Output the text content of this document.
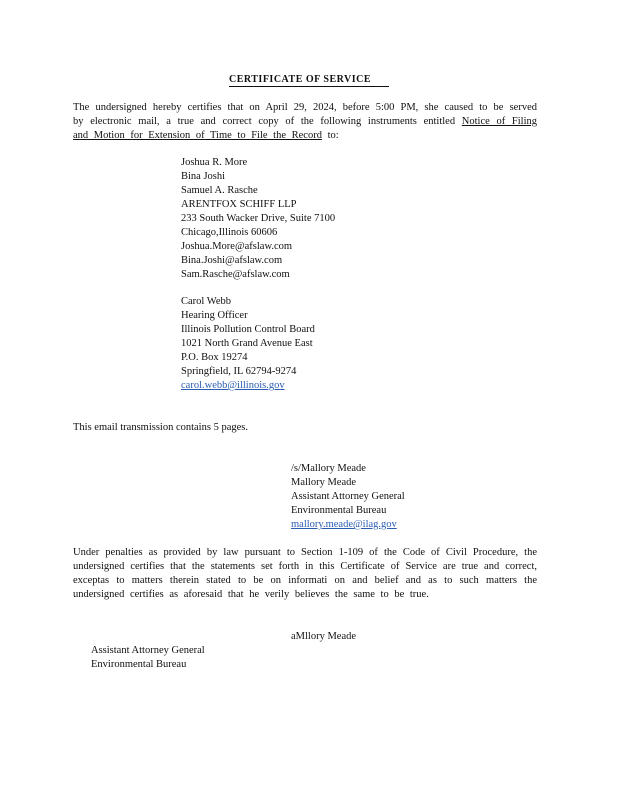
CERTIFICATE OF SERVICE
The undersigned hereby certifies that on April 29, 2024, before 5:00 PM, she caused to be served by electronic mail, a true and correct copy of the following instruments entitled Notice of Filing and Motion for Extension of Time to File the Record to:
Joshua R. More
Bina Joshi
Samuel A. Rasche
ARENTFOX SCHIFF LLP
233 South Wacker Drive, Suite 7100
Chicago,Illinois 60606
Joshua.More@afslaw.com
Bina.Joshi@afslaw.com
Sam.Rasche@afslaw.com
Carol Webb
Hearing Officer
Illinois Pollution Control Board
1021 North Grand Avenue East
P.O. Box 19274
Springfield, IL 62794-9274
carol.webb@illinois.gov
This email transmission contains 5 pages.
/s/Mallory Meade
Mallory Meade
Assistant Attorney General
Environmental Bureau
mallory.meade@ilag.gov
Under penalties as provided by law pursuant to Section 1-109 of the Code of Civil Procedure, the undersigned certifies that the statements set forth in this Certificate of Service are true and correct, exceptas to matters therein stated to be on informati on and belief and as to such matters the undersigned certifies as aforesaid that he verily believes the same to be true.
aMllory Meade
Assistant Attorney General
Environmental Bureau
